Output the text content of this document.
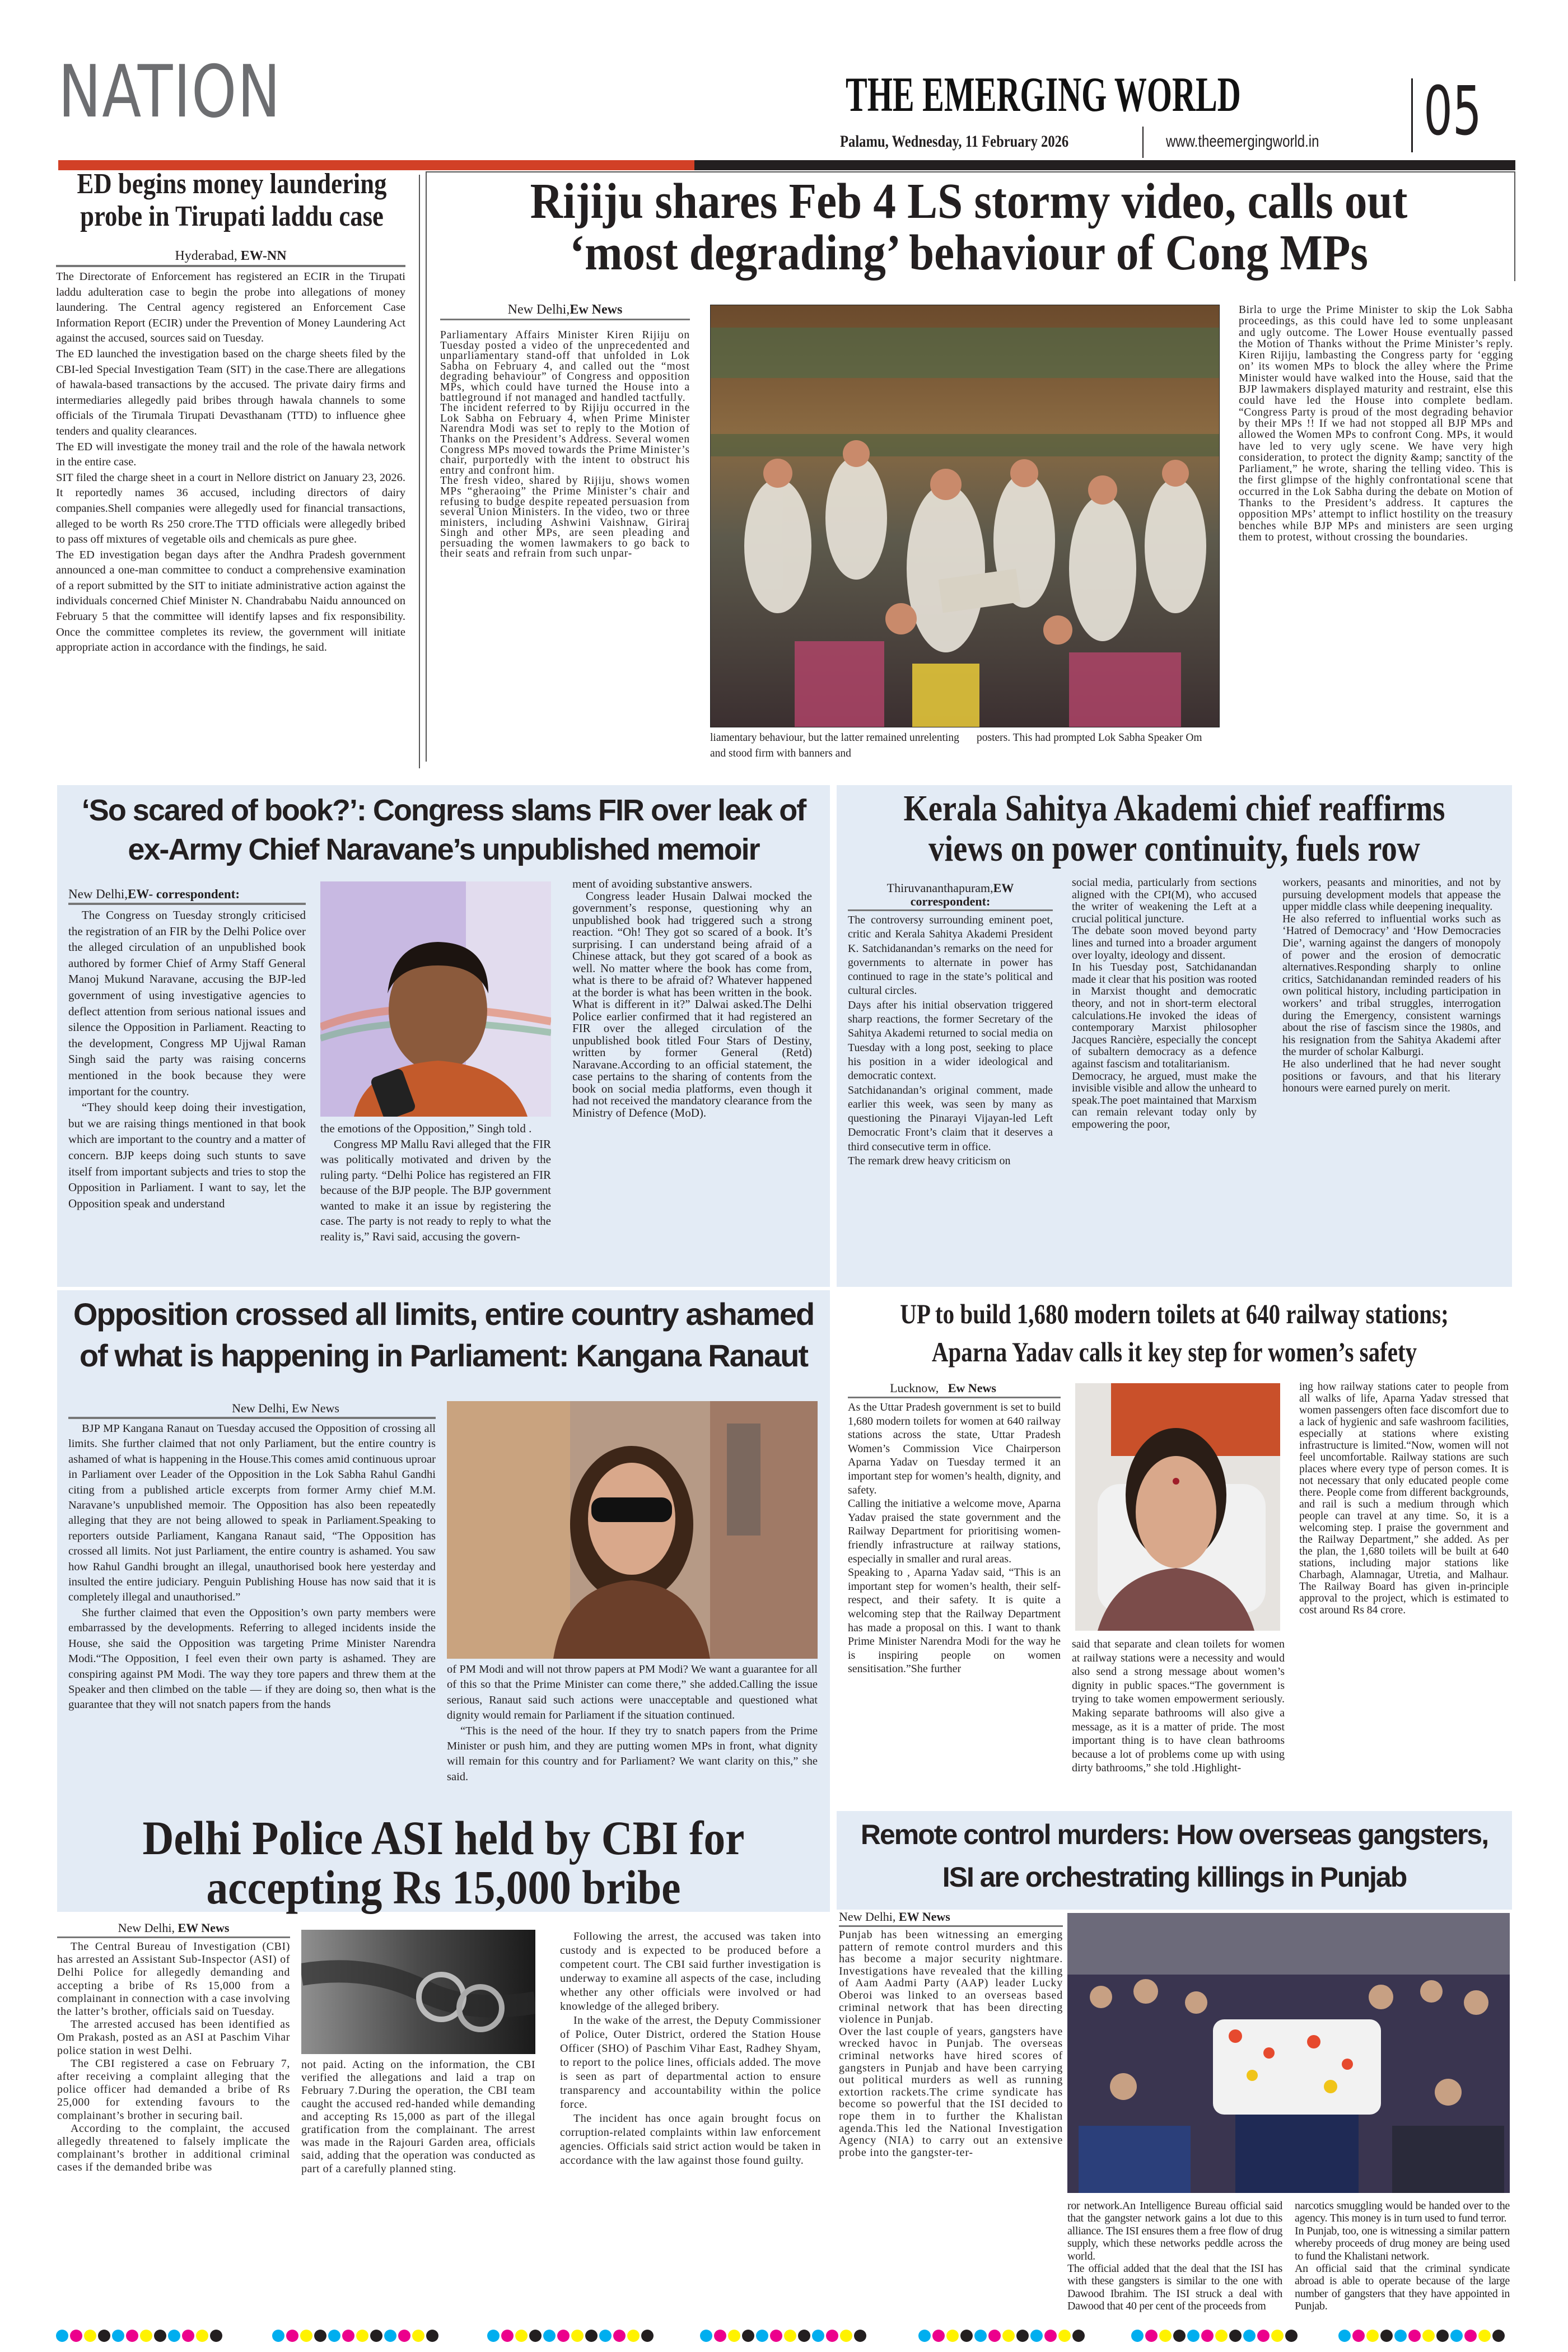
NATION	THE EMERGING WORLD
Palamu, Wednesday, 11 February 2026	www.theemergingworld.in 05
ED begins money laundering probe in Tirupati laddu case
Hyderabad, EW-NN

The Directorate of Enforcement has registered an ECIR in the Tirupati laddu adulteration case to begin the probe into allegations of money laundering. The Central agency registered an Enforcement Case Information Report (ECIR) under the Prevention of Money Laundering Act against the accused, sources said on Tuesday.

The ED launched the investigation based on the charge sheets filed by the CBI-led Special Investigation Team (SIT) in the case.There are allegations of hawala-based transactions by the accused. The private dairy firms and intermediaries allegedly paid bribes through hawala channels to some officials of the Tirumala Tirupati Devasthanam (TTD) to influence ghee tenders and quality clearances.

The ED will investigate the money trail and the role of the hawala network in the entire case.

SIT filed the charge sheet in a court in Nellore district on January 23, 2026. It reportedly names 36 accused, including directors of dairy companies.Shell companies were allegedly used for financial transactions, alleged to be worth Rs 250 crore.The TTD officials were allegedly bribed to pass off mixtures of vegetable oils and chemicals as pure ghee.

The ED investigation began days after the Andhra Pradesh government announced a one-man committee to conduct a comprehensive examination of a report submitted by the SIT to initiate administrative action against the individuals concerned Chief Minister N. Chandrababu Naidu announced on February 5 that the committee will identify lapses and fix responsibility. Once the committee completes its review, the government will initiate appropriate action in accordance with the findings, he said.

Rijiju shares Feb 4 LS stormy video, calls out ‘most degrading’ behaviour of Cong MPs
New Delhi,Ew News

Parliamentary Affairs Minister Kiren Rijiju on Tuesday posted a video of the unprecedented and unparliamentary stand-off that unfolded in Lok Sabha on February 4, and called out the “most degrading behaviour” of Congress and opposition MPs, which could have turned the House into a battleground if not managed and handled tactfully.

The incident referred to by Rijiju occurred in the Lok Sabha on February 4, when Prime Minister Narendra Modi was set to reply to the Motion of Thanks on the President’s Address. Several women Congress MPs moved towards the Prime Minister’s chair, purportedly with the intent to obstruct his entry and confront him.

The fresh video, shared by Rijiju, shows women MPs “gheraoing” the Prime Minister’s chair and refusing to budge despite repeated persuasion from several Union Ministers. In the video, two or three ministers, including Ashwini Vaishnaw, Giriraj Singh and other MPs, are seen pleading and persuading the women lawmakers to go back to their seats and refrain from such unpar-

liamentary behaviour, but the latter remained unrelenting and stood firm with banners and
posters. This had prompted Lok Sabha Speaker Om
Birla to urge the Prime Minister to skip the Lok Sabha proceedings, as this could have led to some unpleasant and ugly outcome. The Lower House eventually passed the Motion of Thanks without the Prime Minister’s reply. Kiren Rijiju, lambasting the Congress party for ‘egging on’ its women MPs to block the alley where the Prime Minister would have walked into the House, said that the BJP lawmakers displayed maturity and restraint, else this could have led the House into complete bedlam. “Congress Party is proud of the most degrading behavior by their MPs !! If we had not stopped all BJP MPs and allowed the Women MPs to confront Cong. MPs, it would have led to very ugly scene. We have very high consideration, to protect the dignity &amp; sanctity of the Parliament,” he wrote, sharing the telling video. This is the first glimpse of the highly confrontational scene that occurred in the Lok Sabha during the debate on Motion of Thanks to the President’s address. It captures the opposition MPs’ attempt to inflict hostility on the treasury benches while BJP MPs and ministers are seen urging them to protest, without crossing the boundaries.
‘So scared of book?’: Congress slams FIR over leak of ex-Army Chief Naravane’s unpublished memoir
New Delhi,EW- correspondent:

The Congress on Tuesday strongly criticised the registration of an FIR by the Delhi Police over the alleged circulation of an unpublished book authored by former Chief of Army Staff General Manoj Mukund Naravane, accusing the BJP-led government of using investigative agencies to deflect attention from serious national issues and silence the Opposition in Parliament. Reacting to the development, Congress MP Ujjwal Raman Singh said the party was raising concerns mentioned in the book because they were important for the country.

“They should keep doing their investigation, but we are raising things mentioned in that book which are important to the country and a matter of concern. BJP keeps doing such stunts to save itself from important subjects and tries to stop the Opposition in Parliament. I want to say, let the Opposition speak and understand

the emotions of the Opposition,” Singh told .

Congress MP Mallu Ravi alleged that the FIR was politically motivated and driven by the ruling party. “Delhi Police has registered an FIR because of the BJP people. The BJP government wanted to make it an issue by registering the case. The party is not ready to reply to what the reality is,” Ravi said, accusing the govern-

ment of avoiding substantive answers.

Congress leader Husain Dalwai mocked the government’s response, questioning why an unpublished book had triggered such a strong reaction. “Oh! They got so scared of a book. It’s surprising. I can understand being afraid of a Chinese attack, but they got scared of a book as well. No matter where the book has come from, what is there to be afraid of? Whatever happened at the border is what has been written in the book. What is different in it?” Dalwai asked.The Delhi Police earlier confirmed that it had registered an FIR over the alleged circulation of the unpublished book titled Four Stars of Destiny, written by former General (Retd) Naravane.According to an official statement, the case pertains to the sharing of contents from the book on social media platforms, even though it had not received the mandatory clearance from the Ministry of Defence (MoD).

Kerala Sahitya Akademi chief reaffirms views on power continuity, fuels row
Thiruvananthapuram,EW correspondent:

The controversy surrounding eminent poet, critic and Kerala Sahitya Akademi President K. Satchidanandan’s remarks on the need for governments to alternate in power has continued to rage in the state’s political and cultural circles.

Days after his initial observation triggered sharp reactions, the former Secretary of the Sahitya Akademi returned to social media on Tuesday with a long post, seeking to place his position in a wider ideological and democratic context.

Satchidanandan’s original comment, made earlier this week, was seen by many as questioning the Pinarayi Vijayan-led Left Democratic Front’s claim that it deserves a third consecutive term in office.

The remark drew heavy criticism on

social media, particularly from sections aligned with the CPI(M), who accused the writer of weakening the Left at a crucial political juncture.

The debate soon moved beyond party lines and turned into a broader argument over loyalty, ideology and dissent.

In his Tuesday post, Satchidanandan made it clear that his position was rooted in Marxist thought and democratic theory, and not in short-term electoral calculations.He invoked the ideas of contemporary Marxist philosopher Jacques Rancière, especially the concept of subaltern democracy as a defence against fascism and totalitarianism.

Democracy, he argued, must make the invisible visible and allow the unheard to speak.The poet maintained that Marxism can remain relevant today only by empowering the poor,

workers, peasants and minorities, and not by pursuing development models that appease the upper middle class while deepening inequality.

He also referred to influential works such as ‘Hatred of Democracy’ and ‘How Democracies Die’, warning against the dangers of monopoly of power and the erosion of democratic alternatives.Responding sharply to online critics, Satchidanandan reminded readers of his own political history, including participation in workers’ and tribal struggles, interrogation during the Emergency, consistent warnings about the rise of fascism since the 1980s, and his resignation from the Sahitya Akademi after the murder of scholar Kalburgi.

He also underlined that he had never sought positions or favours, and that his literary honours were earned purely on merit.

Opposition crossed all limits, entire country ashamed of what is happening in Parliament: Kangana Ranaut
New Delhi, Ew News

BJP MP Kangana Ranaut on Tuesday accused the Opposition of crossing all limits. She further claimed that not only Parliament, but the entire country is ashamed of what is happening in the House.This comes amid continuous uproar in Parliament over Leader of the Opposition in the Lok Sabha Rahul Gandhi citing from a published article excerpts from former Army chief M.M. Naravane’s unpublished memoir. The Opposition has also been repeatedly alleging that they are not being allowed to speak in Parliament.Speaking to reporters outside Parliament, Kangana Ranaut said, “The Opposition has crossed all limits. Not just Parliament, the entire country is ashamed. You saw how Rahul Gandhi brought an illegal, unauthorised book here yesterday and insulted the entire judiciary. Penguin Publishing House has now said that it is completely illegal and unauthorised.”

She further claimed that even the Opposition’s own party members were embarrassed by the developments. Referring to alleged incidents inside the House, she said the Opposition was targeting Prime Minister Narendra Modi.“The Opposition, I feel even their own party is ashamed. They are conspiring against PM Modi. The way they tore papers and threw them at the Speaker and then climbed on the table — if they are doing so, then what is the guarantee that they will not snatch papers from the hands

of PM Modi and will not throw papers at PM Modi? We want a guarantee for all of this so that the Prime Minister can come there,” she added.Calling the issue serious, Ranaut said such actions were unacceptable and questioned what dignity would remain for Parliament if the situation continued.

“This is the need of the hour. If they try to snatch papers from the Prime Minister or push him, and they are putting women MPs in front, what dignity will remain for this country and for Parliament? We want clarity on this,” she said.

UP to build 1,680 modern toilets at 640 railway stations; Aparna Yadav calls it key step for women’s safety
Lucknow, Ew News

As the Uttar Pradesh government is set to build 1,680 modern toilets for women at 640 railway stations across the state, Uttar Pradesh Women’s Commission Vice Chairperson Aparna Yadav on Tuesday termed it an important step for women’s health, dignity, and safety.

Calling the initiative a welcome move, Aparna Yadav praised the state government and the Railway Department for prioritising women-friendly infrastructure at railway stations, especially in smaller and rural areas.

Speaking to , Aparna Yadav said, “This is an important step for women’s health, their self-respect, and their safety. It is quite a welcoming step that the Railway Department has made a proposal on this. I want to thank Prime Minister Narendra Modi for the way he is inspiring people on women sensitisation.”She further

said that separate and clean toilets for women at railway stations were a necessity and would also send a strong message about women’s dignity in public spaces.“The government is trying to take women empowerment seriously. Making separate bathrooms will also give a message, as it is a matter of pride. The most important thing is to have clean bathrooms because a lot of problems come up with using dirty bathrooms,” she told .Highlight-
ing how railway stations cater to people from all walks of life, Aparna Yadav stressed that women passengers often face discomfort due to a lack of hygienic and safe washroom facilities, especially at stations where existing infrastructure is limited.“Now, women will not feel uncomfortable. Railway stations are such places where every type of person comes. It is not necessary that only educated people come there. People come from different backgrounds, and rail is such a medium through which people can travel at any time. So, it is a welcoming step. I praise the government and the Railway Department,” she added. As per the plan, the 1,680 toilets will be built at 640 stations, including major stations like Charbagh, Alamnagar, Utretia, and Malhaur. The Railway Board has given in-principle approval to the project, which is estimated to cost around Rs 84 crore.
Delhi Police ASI held by CBI for accepting Rs 15,000 bribe
New Delhi, EW News

The Central Bureau of Investigation (CBI) has arrested an Assistant Sub-Inspector (ASI) of Delhi Police for allegedly demanding and accepting a bribe of Rs 15,000 from a complainant in connection with a case involving the latter’s brother, officials said on Tuesday.

The arrested accused has been identified as Om Prakash, posted as an ASI at Paschim Vihar police station in west Delhi.

The CBI registered a case on February 7, after receiving a complaint alleging that the police officer had demanded a bribe of Rs 25,000 for extending favours to the complainant’s brother in securing bail.

According to the complaint, the accused allegedly threatened to falsely implicate the complainant’s brother in additional criminal cases if the demanded bribe was

not paid. Acting on the information, the CBI verified the allegations and laid a trap on February 7.During the operation, the CBI team caught the accused red-handed while demanding and accepting Rs 15,000 as part of the illegal gratification from the complainant. The arrest was made in the Rajouri Garden area, officials said, adding that the operation was conducted as part of a carefully planned sting.

Following the arrest, the accused was taken into custody and is expected to be produced before a competent court. The CBI said further investigation is underway to examine all aspects of the case, including whether any other officials were involved or had knowledge of the alleged bribery.

In the wake of the arrest, the Deputy Commissioner of Police, Outer District, ordered the Station House Officer (SHO) of Paschim Vihar East, Radhey Shyam, to report to the police lines, officials added. The move is seen as part of departmental action to ensure transparency and accountability within the police force.

The incident has once again brought focus on corruption-related complaints within law enforcement agencies. Officials said strict action would be taken in accordance with the law against those found guilty.

Remote control murders: How overseas gangsters, ISI are orchestrating killings in Punjab
New Delhi, EW News

Punjab has been witnessing an emerging pattern of remote control murders and this has become a major security nightmare. Investigations have revealed that the killing of Aam Aadmi Party (AAP) leader Lucky Oberoi was linked to an overseas based criminal network that has been directing violence in Punjab.

Over the last couple of years, gangsters have wrecked havoc in Punjab. The overseas criminal networks have hired scores of gangsters in Punjab and have been carrying out political murders as well as running extortion rackets.The crime syndicate has become so powerful that the ISI decided to rope them in to further the Khalistan agenda.This led the National Investigation Agency (NIA) to carry out an extensive probe into the gangster-ter-

ror network.An Intelligence Bureau official said that the gangster network gains a lot due to this alliance. The ISI ensures them a free flow of drug supply, which these networks peddle across the world.

The official added that the deal that the ISI has with these gangsters is similar to the one with Dawood Ibrahim. The ISI struck a deal with Dawood that 40 per cent of the proceeds from

narcotics smuggling would be handed over to the agency. This money is in turn used to fund terror.

In Punjab, too, one is witnessing a similar pattern whereby proceeds of drug money are being used to fund the Khalistani network.

An official said that the criminal syndicate abroad is able to operate because of the large number of gangsters that they have appointed in Punjab.
